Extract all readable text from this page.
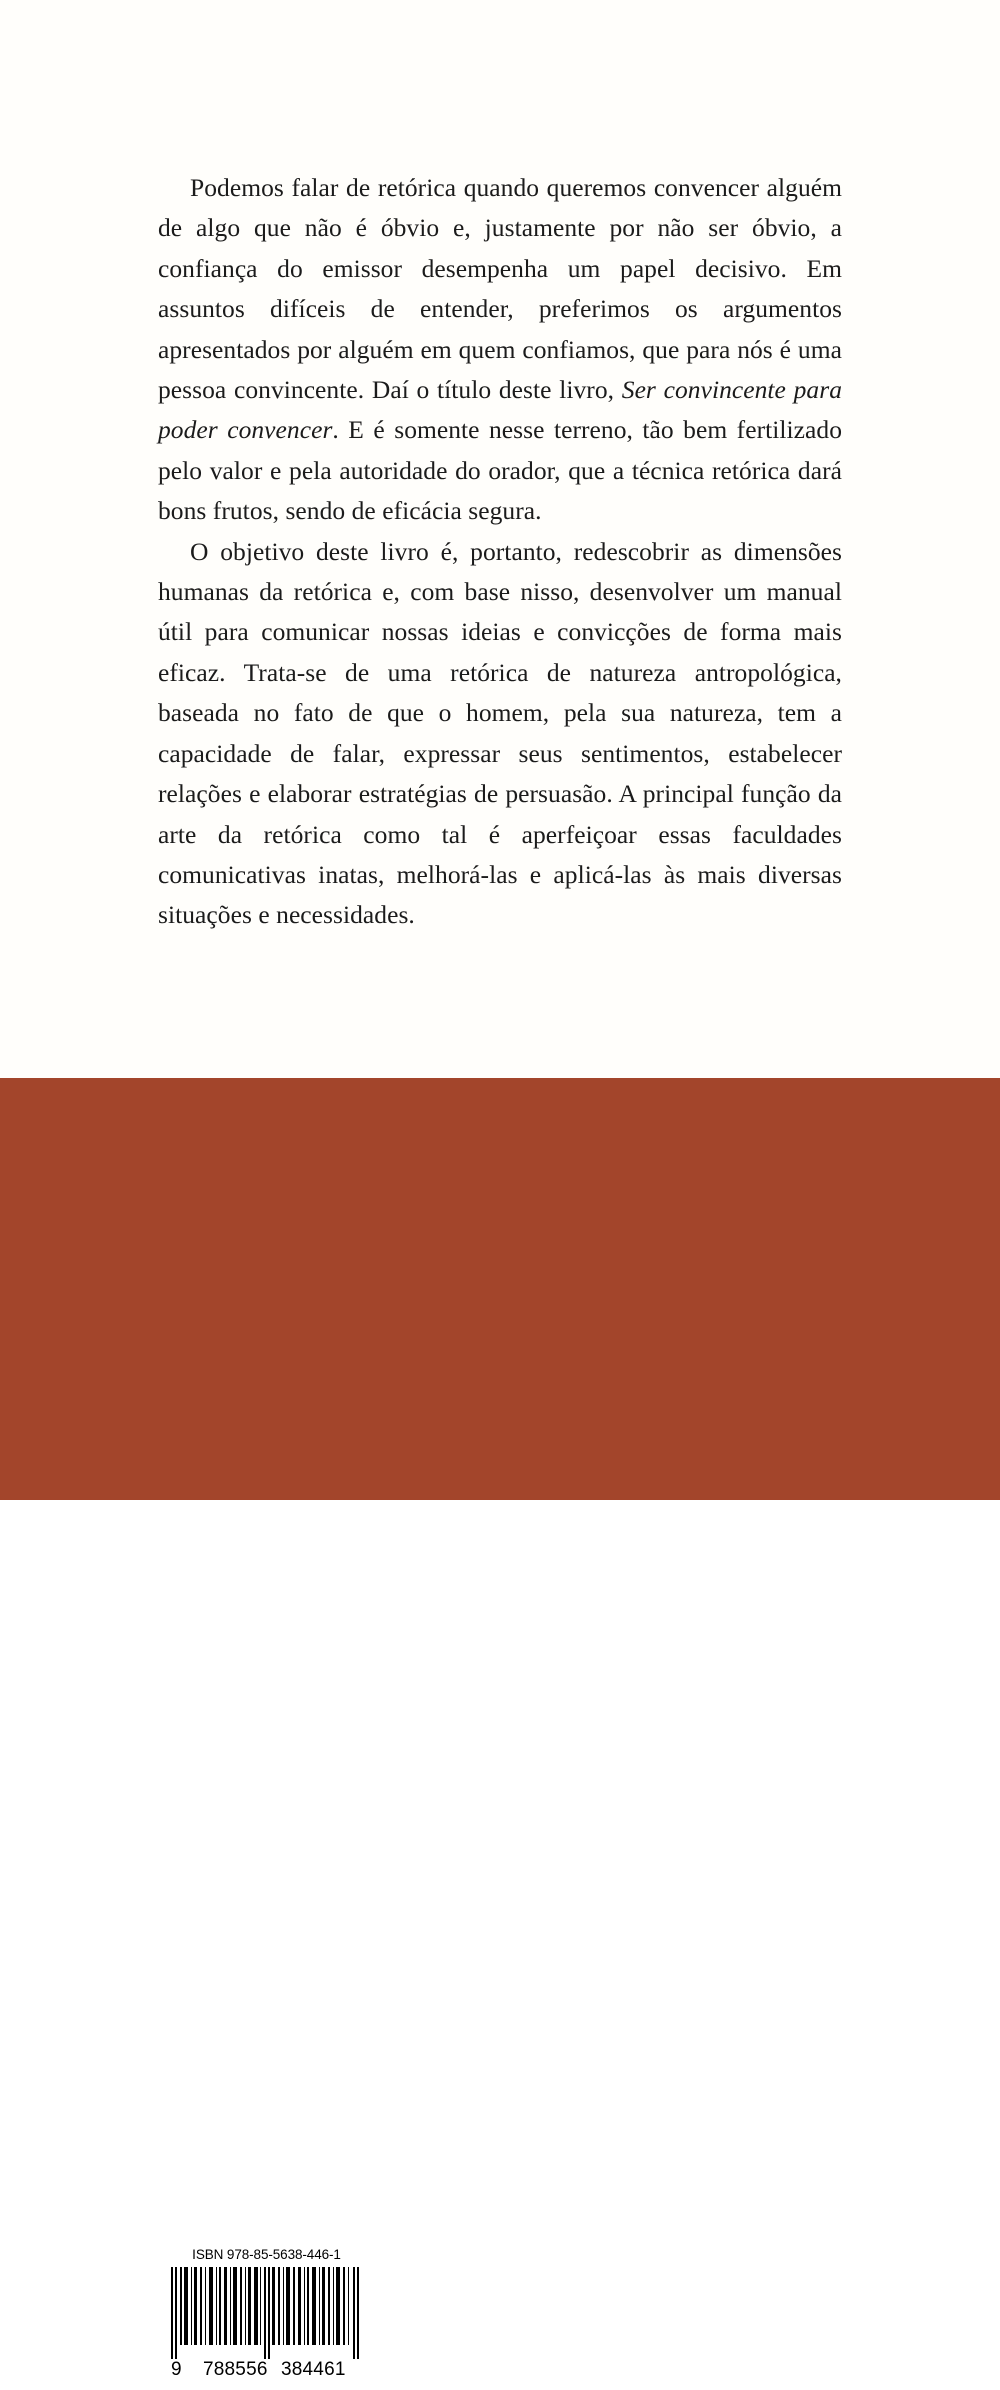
Podemos falar de retórica quando queremos convencer alguém de algo que não é óbvio e, justamente por não ser óbvio, a confiança do emissor desempenha um papel decisivo. Em assuntos difíceis de entender, preferimos os argumentos apresentados por alguém em quem confiamos, que para nós é uma pessoa convincente. Daí o título deste livro, Ser convincente para poder convencer. E é somente nesse terreno, tão bem fertilizado pelo valor e pela autoridade do orador, que a técnica retórica dará bons frutos, sendo de eficácia segura.

O objetivo deste livro é, portanto, redescobrir as dimensões humanas da retórica e, com base nisso, desenvolver um manual útil para comunicar nossas ideias e convicções de forma mais eficaz. Trata-se de uma retórica de natureza antropológica, baseada no fato de que o homem, pela sua natureza, tem a capacidade de falar, expressar seus sentimentos, estabelecer relações e elaborar estratégias de persuasão. A principal função da arte da retórica como tal é aperfeiçoar essas faculdades comunicativas inatas, melhorá-las e aplicá-las às mais diversas situações e necessidades.

ISBN 978-85-5638-446-1
9 788556 384461
